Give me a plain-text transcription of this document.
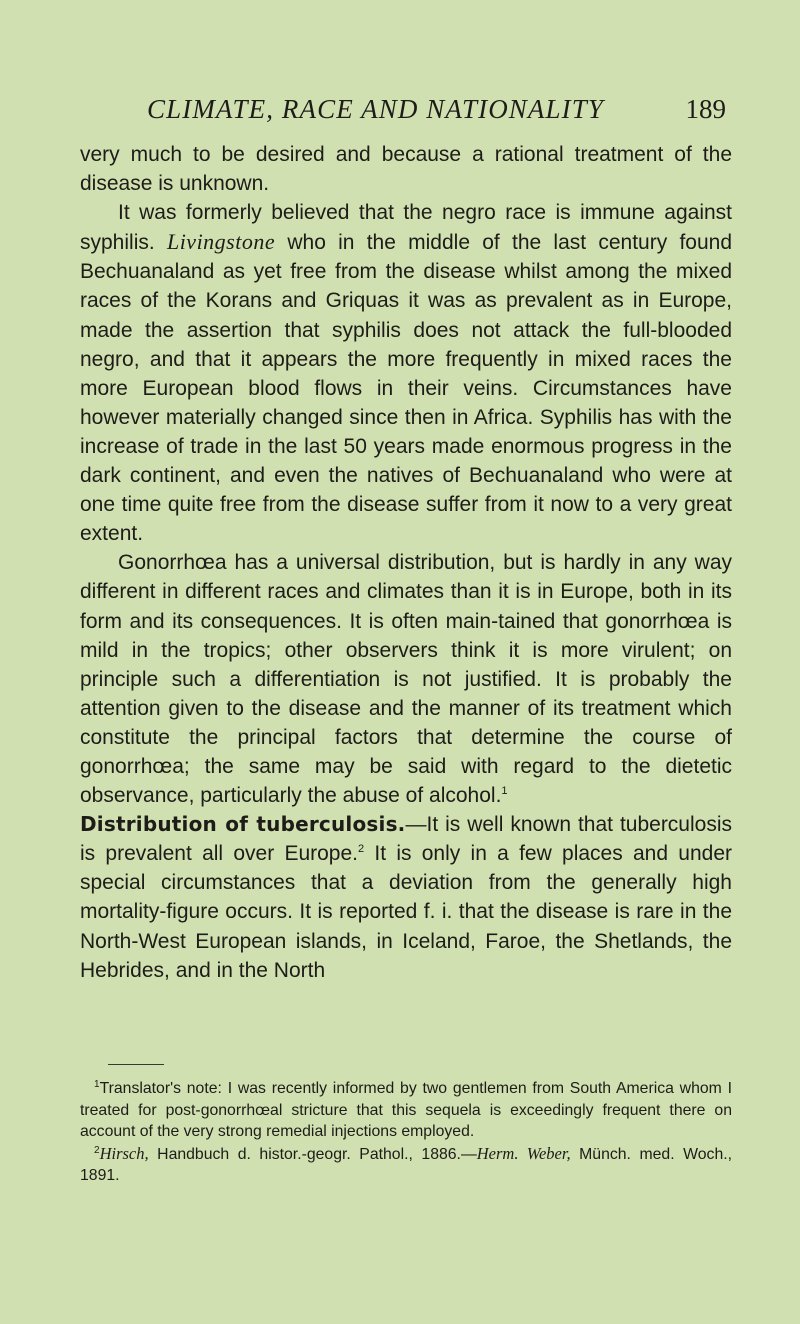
CLIMATE, RACE AND NATIONALITY	189

very much to be desired and because a rational treatment of the disease is unknown.

It was formerly believed that the negro race is immune against syphilis. Livingstone who in the middle of the last century found Bechuanaland as yet free from the disease whilst among the mixed races of the Korans and Griquas it was as prevalent as in Europe, made the assertion that syphilis does not attack the full-blooded negro, and that it appears the more frequently in mixed races the more European blood flows in their veins. Circumstances have however materially changed since then in Africa. Syphilis has with the increase of trade in the last 50 years made enormous progress in the dark continent, and even the natives of Bechuanaland who were at one time quite free from the disease suffer from it now to a very great extent.

Gonorrhœa has a universal distribution, but is hardly in any way different in different races and climates than it is in Europe, both in its form and its consequences. It is often main-tained that gonorrhœa is mild in the tropics; other observers think it is more virulent; on principle such a differentiation is not justified. It is probably the attention given to the disease and the manner of its treatment which constitute the principal factors that determine the course of gonorrhœa; the same may be said with regard to the dietetic observance, particularly the abuse of alcohol.$^1$

Distribution of tuberculosis.—It is well known that tuberculosis is prevalent all over Europe.$^2$ It is only in a few places and under special circumstances that a deviation from the generally high mortality-figure occurs. It is reported f. i. that the disease is rare in the North-West European islands, in Iceland, Faroe, the Shetlands, the Hebrides, and in the North

$^1$Translator's note: I was recently informed by two gentlemen from South America whom I treated for post-gonorrhœal stricture that this sequela is exceedingly frequent there on account of the very strong remedial injections employed.

$^2$Hirsch, Handbuch d. histor.-geogr. Pathol., 1886.—Herm. Weber, Münch. med. Woch., 1891.
